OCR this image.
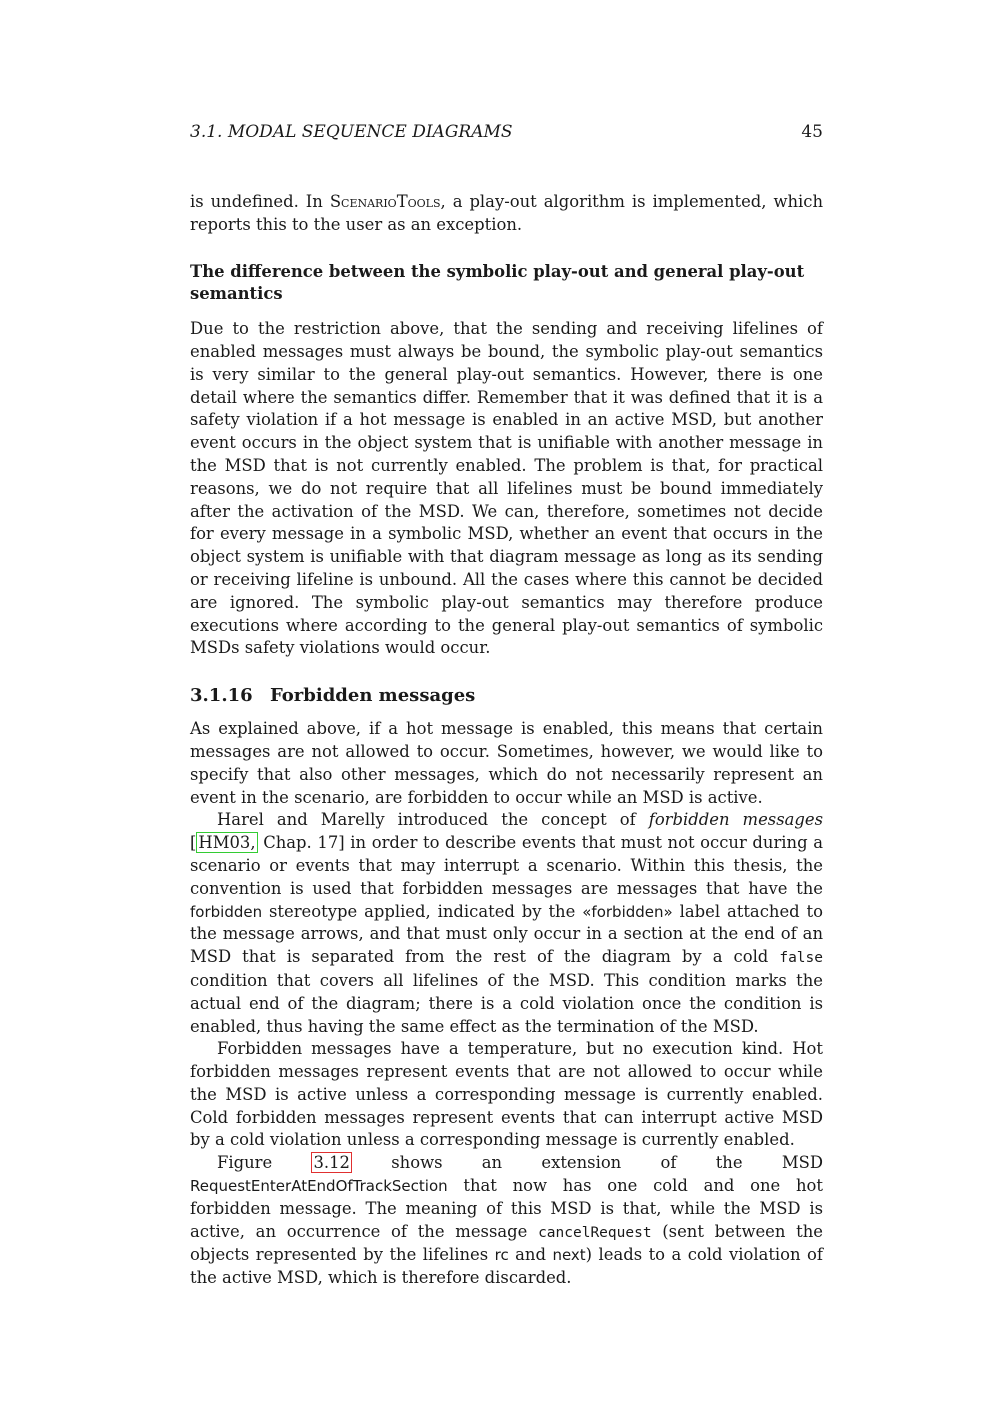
3.1. MODAL SEQUENCE DIAGRAMS	45

is undefined. In ScenarioTools, a play-out algorithm is implemented, which reports this to the user as an exception.

The difference between the symbolic play-out and general play-out semantics

Due to the restriction above, that the sending and receiving lifelines of enabled messages must always be bound, the symbolic play-out semantics is very similar to the general play-out semantics. However, there is one detail where the semantics differ. Remember that it was defined that it is a safety violation if a hot message is enabled in an active MSD, but another event occurs in the object system that is unifiable with another message in the MSD that is not currently enabled. The problem is that, for practical reasons, we do not require that all lifelines must be bound immediately after the activation of the MSD. We can, therefore, sometimes not decide for every message in a symbolic MSD, whether an event that occurs in the object system is unifiable with that diagram message as long as its sending or receiving lifeline is unbound. All the cases where this cannot be decided are ignored. The symbolic play-out semantics may therefore produce executions where according to the general play-out semantics of symbolic MSDs safety violations would occur.

3.1.16 Forbidden messages

As explained above, if a hot message is enabled, this means that certain messages are not allowed to occur. Sometimes, however, we would like to specify that also other messages, which do not necessarily represent an event in the scenario, are forbidden to occur while an MSD is active.

Harel and Marelly introduced the concept of forbidden messages [ HM03, Chap. 17] in order to describe events that must not occur during a scenario or events that may interrupt a scenario. Within this thesis, the convention is used that forbidden messages are messages that have the forbidden stereotype applied, indicated by the «forbidden» label attached to the message arrows, and that must only occur in a section at the end of an MSD that is separated from the rest of the diagram by a cold false condition that covers all lifelines of the MSD. This condition marks the actual end of the diagram; there is a cold violation once the condition is enabled, thus having the same effect as the termination of the MSD.

Forbidden messages have a temperature, but no execution kind. Hot forbidden messages represent events that are not allowed to occur while the MSD is active unless a corresponding message is currently enabled. Cold forbidden messages represent events that can interrupt active MSD by a cold violation unless a corresponding message is currently enabled.

Figure 3.12 shows an extension of the MSD RequestEnterAtEndOfTrackSection that now has one cold and one hot forbidden message. The meaning of this MSD is that, while the MSD is active, an occurrence of the message cancelRequest (sent between the objects represented by the lifelines rc and next) leads to a cold violation of the active MSD, which is therefore discarded.
